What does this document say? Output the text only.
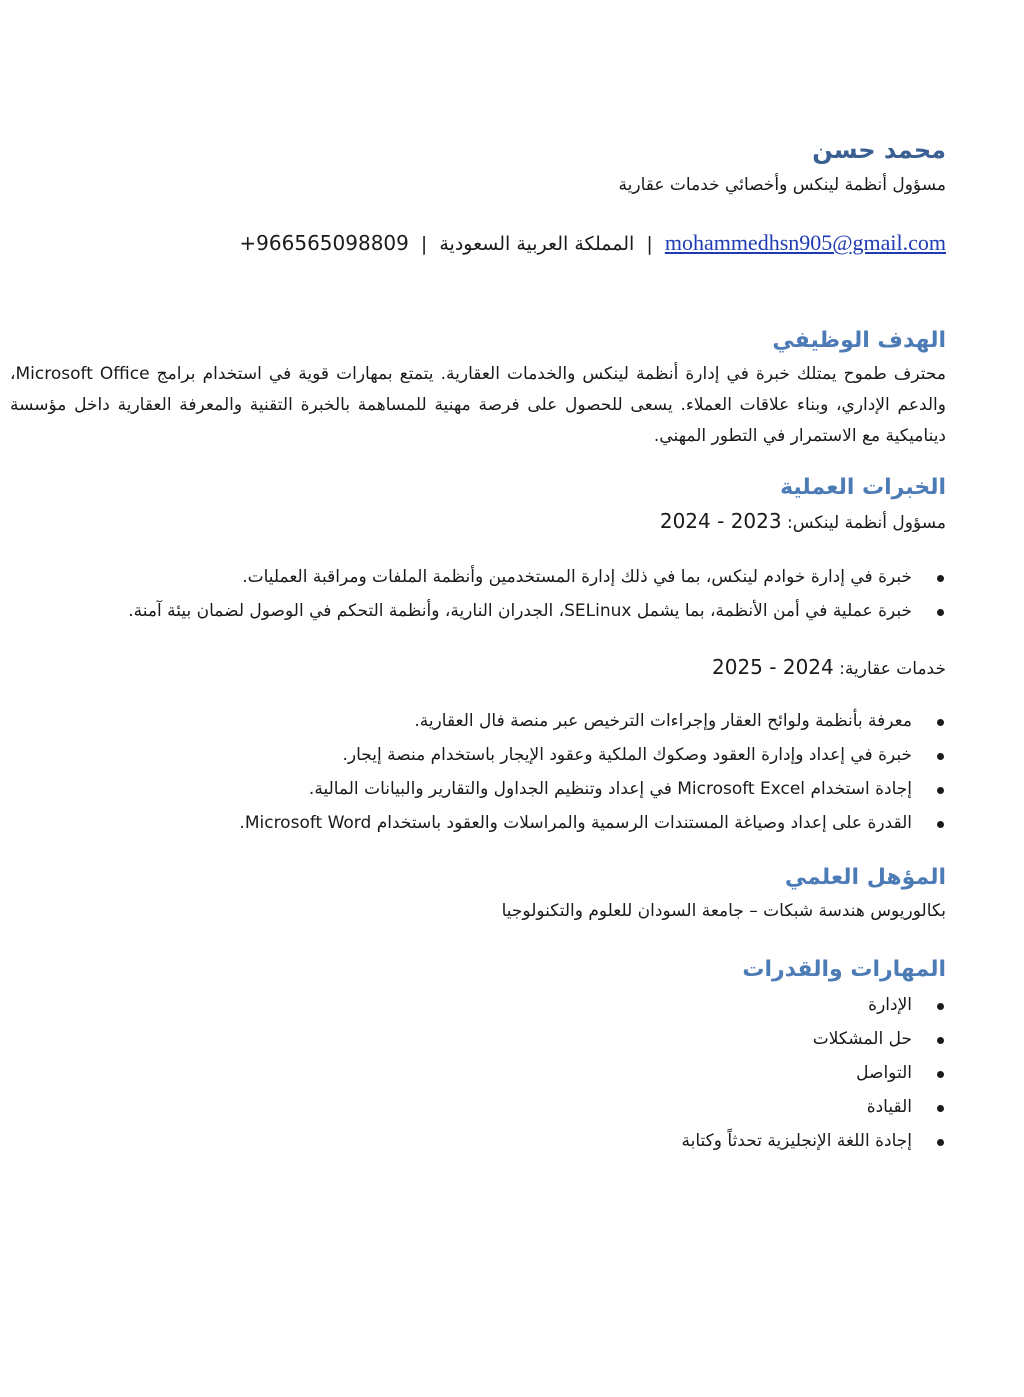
محمد حسن

مسؤول أنظمة لينكس وأخصائي خدمات عقارية

mohammedhsn905@gmail.com | المملكة العربية السعودية | +966565098809
الهدف الوظيفي

محترف طموح يمتلك خبرة في إدارة أنظمة لينكس والخدمات العقارية. يتمتع بمهارات قوية في استخدام برامج Microsoft Office، والدعم الإداري، وبناء علاقات العملاء. يسعى للحصول على فرصة مهنية للمساهمة بالخبرة التقنية والمعرفة العقارية داخل مؤسسة ديناميكية مع الاستمرار في التطور المهني.

الخبرات العملية

مسؤول أنظمة لينكس: 2023 - 2024

خبرة في إدارة خوادم لينكس، بما في ذلك إدارة المستخدمين وأنظمة الملفات ومراقبة العمليات.
خبرة عملية في أمن الأنظمة، بما يشمل SELinux، الجدران النارية، وأنظمة التحكم في الوصول لضمان بيئة آمنة.

خدمات عقارية: 2024 - 2025

معرفة بأنظمة ولوائح العقار وإجراءات الترخيص عبر منصة فال العقارية.
خبرة في إعداد وإدارة العقود وصكوك الملكية وعقود الإيجار باستخدام منصة إيجار.
إجادة استخدام Microsoft Excel في إعداد وتنظيم الجداول والتقارير والبيانات المالية.
القدرة على إعداد وصياغة المستندات الرسمية والمراسلات والعقود باستخدام Microsoft Word.
المؤهل العلمي

بكالوريوس هندسة شبكات – جامعة السودان للعلوم والتكنولوجيا

المهارات والقدرات
الإدارة
حل المشكلات
التواصل
القيادة
إجادة اللغة الإنجليزية تحدثاً وكتابة
